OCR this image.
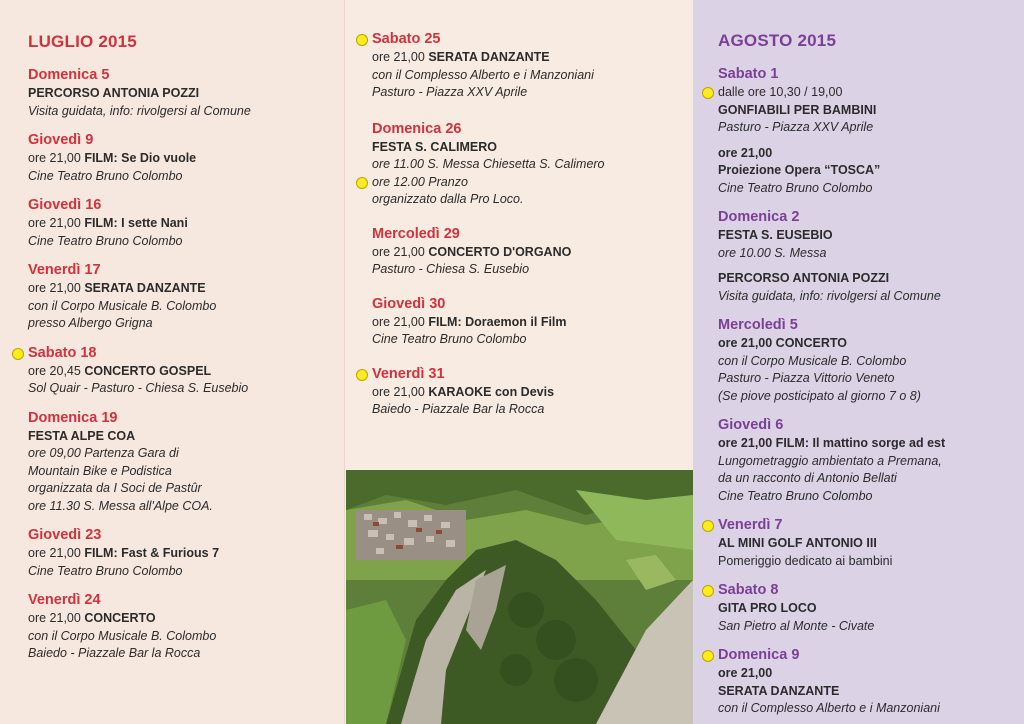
LUGLIO 2015
Domenica 5
PERCORSO ANTONIA POZZI
Visita guidata, info: rivolgersi al Comune
Giovedì 9
ore 21,00 FILM: Se Dio vuole
Cine Teatro Bruno Colombo
Giovedì 16
ore 21,00 FILM: I sette Nani
Cine Teatro Bruno Colombo
Venerdì 17
ore 21,00 SERATA DANZANTE
con il Corpo Musicale B. Colombo
presso Albergo Grigna
Sabato 18
ore 20,45 CONCERTO GOSPEL
Sol Quair - Pasturo - Chiesa S. Eusebio
Domenica 19
FESTA ALPE COA
ore 09,00 Partenza Gara di
Mountain Bike e Podistica
organizzata da I Soci de Pastûr
ore 11.30 S. Messa all'Alpe COA.
Giovedì 23
ore 21,00 FILM: Fast & Furious 7
Cine Teatro Bruno Colombo
Venerdì 24
ore 21,00 CONCERTO
con il Corpo Musicale B. Colombo
Baiedo - Piazzale Bar la Rocca
Sabato 25
ore 21,00 SERATA DANZANTE
con il Complesso Alberto e i Manzoniani
Pasturo - Piazza XXV Aprile
Domenica 26
FESTA S. CALIMERO
ore 11.00 S. Messa Chiesetta S. Calimero
ore 12.00 Pranzo
organizzato dalla Pro Loco.
Mercoledì 29
ore 21,00 CONCERTO D'ORGANO
Pasturo - Chiesa S. Eusebio
Giovedì 30
ore 21,00 FILM: Doraemon il Film
Cine Teatro Bruno Colombo
Venerdì 31
ore 21,00 KARAOKE con Devis
Baiedo - Piazzale Bar la Rocca
AGOSTO 2015
Sabato 1
dalle ore 10,30 / 19,00
GONFIABILI PER BAMBINI
Pasturo - Piazza XXV Aprile
ore 21,00
Proiezione Opera “TOSCA”
Cine Teatro Bruno Colombo
Domenica 2
FESTA S. EUSEBIO
ore 10.00 S. Messa
PERCORSO ANTONIA POZZI
Visita guidata, info: rivolgersi al Comune
Mercoledì 5
ore 21,00 CONCERTO
con il Corpo Musicale B. Colombo
Pasturo - Piazza Vittorio Veneto
(Se piove posticipato al giorno 7 o 8)
Giovedì 6
ore 21,00 FILM: Il mattino sorge ad est
Lungometraggio ambientato a Premana,
da un racconto di Antonio Bellati
Cine Teatro Bruno Colombo
Venerdì 7
AL MINI GOLF ANTONIO III
Pomeriggio dedicato ai bambini
Sabato 8
GITA PRO LOCO
San Pietro al Monte - Civate
Domenica 9
ore 21,00
SERATA DANZANTE
con il Complesso Alberto e i Manzoniani
